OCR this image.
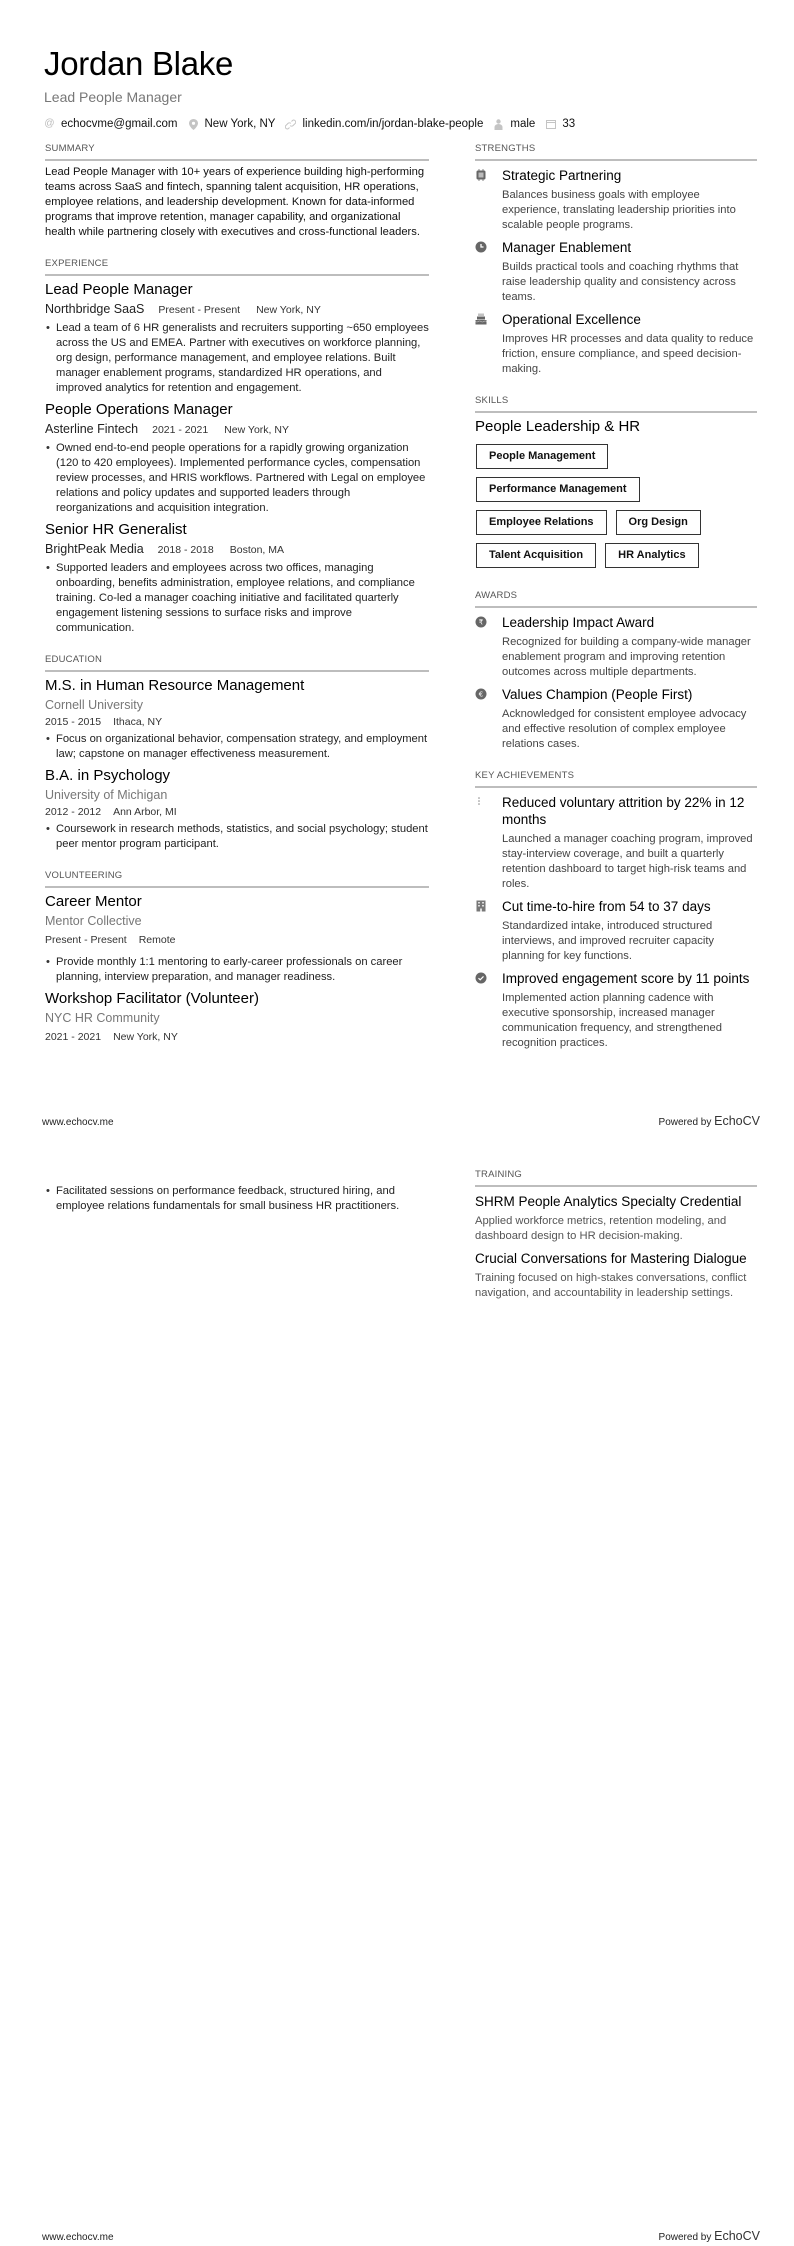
Jordan Blake
Lead People Manager
@ echocvme@gmail.com New York, NY linkedin.com/in/jordan-blake-people male 33
SUMMARY
Lead People Manager with 10+ years of experience building high-performing teams across SaaS and fintech, spanning talent acquisition, HR operations, employee relations, and leadership development. Known for data-informed programs that improve retention, manager capability, and organizational health while partnering closely with executives and cross-functional leaders.
EXPERIENCE
Lead People Manager
Northbridge SaaS Present - Present New York, NY
• Lead a team of 6 HR generalists and recruiters supporting ~650 employees across the US and EMEA. Partner with executives on workforce planning, org design, performance management, and employee relations. Built manager enablement programs, standardized HR operations, and improved analytics for retention and engagement.
People Operations Manager
Asterline Fintech 2021 - 2021 New York, NY
• Owned end-to-end people operations for a rapidly growing organization (120 to 420 employees). Implemented performance cycles, compensation review processes, and HRIS workflows. Partnered with Legal on employee relations and policy updates and supported leaders through reorganizations and acquisition integration.
Senior HR Generalist
BrightPeak Media 2018 - 2018 Boston, MA
• Supported leaders and employees across two offices, managing onboarding, benefits administration, employee relations, and compliance training. Co-led a manager coaching initiative and facilitated quarterly engagement listening sessions to surface risks and improve communication.
EDUCATION
M.S. in Human Resource Management
Cornell University
2015 - 2015 Ithaca, NY
• Focus on organizational behavior, compensation strategy, and employment law; capstone on manager effectiveness measurement.
B.A. in Psychology
University of Michigan
2012 - 2012 Ann Arbor, MI
• Coursework in research methods, statistics, and social psychology; student peer mentor program participant.
VOLUNTEERING
Career Mentor
Mentor Collective
Present - Present Remote
• Provide monthly 1:1 mentoring to early-career professionals on career planning, interview preparation, and manager readiness.
Workshop Facilitator (Volunteer)
NYC HR Community
2021 - 2021 New York, NY
STRENGTHS
Strategic Partnering
Balances business goals with employee experience, translating leadership priorities into scalable people programs.
Manager Enablement
Builds practical tools and coaching rhythms that raise leadership quality and consistency across teams.
Operational Excellence
Improves HR processes and data quality to reduce friction, ensure compliance, and speed decision-making.
SKILLS
People Leadership & HR
People Management
Performance Management
Employee Relations	Org Design
Talent Acquisition	HR Analytics
AWARDS
₹ Leadership Impact Award
Recognized for building a company-wide manager enablement program and improving retention outcomes across multiple departments.
€ Values Champion (People First)
Acknowledged for consistent employee advocacy and effective resolution of complex employee relations cases.
KEY ACHIEVEMENTS
Reduced voluntary attrition by 22% in 12 months
Launched a manager coaching program, improved stay-interview coverage, and built a quarterly retention dashboard to target high-risk teams and roles.
Cut time-to-hire from 54 to 37 days
Standardized intake, introduced structured interviews, and improved recruiter capacity planning for key functions.
Improved engagement score by 11 points
Implemented action planning cadence with executive sponsorship, increased manager communication frequency, and strengthened recognition practices.
www.echocv.me	Powered by EchoCV
• Facilitated sessions on performance feedback, structured hiring, and employee relations fundamentals for small business HR practitioners.
TRAINING
SHRM People Analytics Specialty Credential
Applied workforce metrics, retention modeling, and dashboard design to HR decision-making.
Crucial Conversations for Mastering Dialogue
Training focused on high-stakes conversations, conflict navigation, and accountability in leadership settings.
www.echocv.me	Powered by EchoCV
